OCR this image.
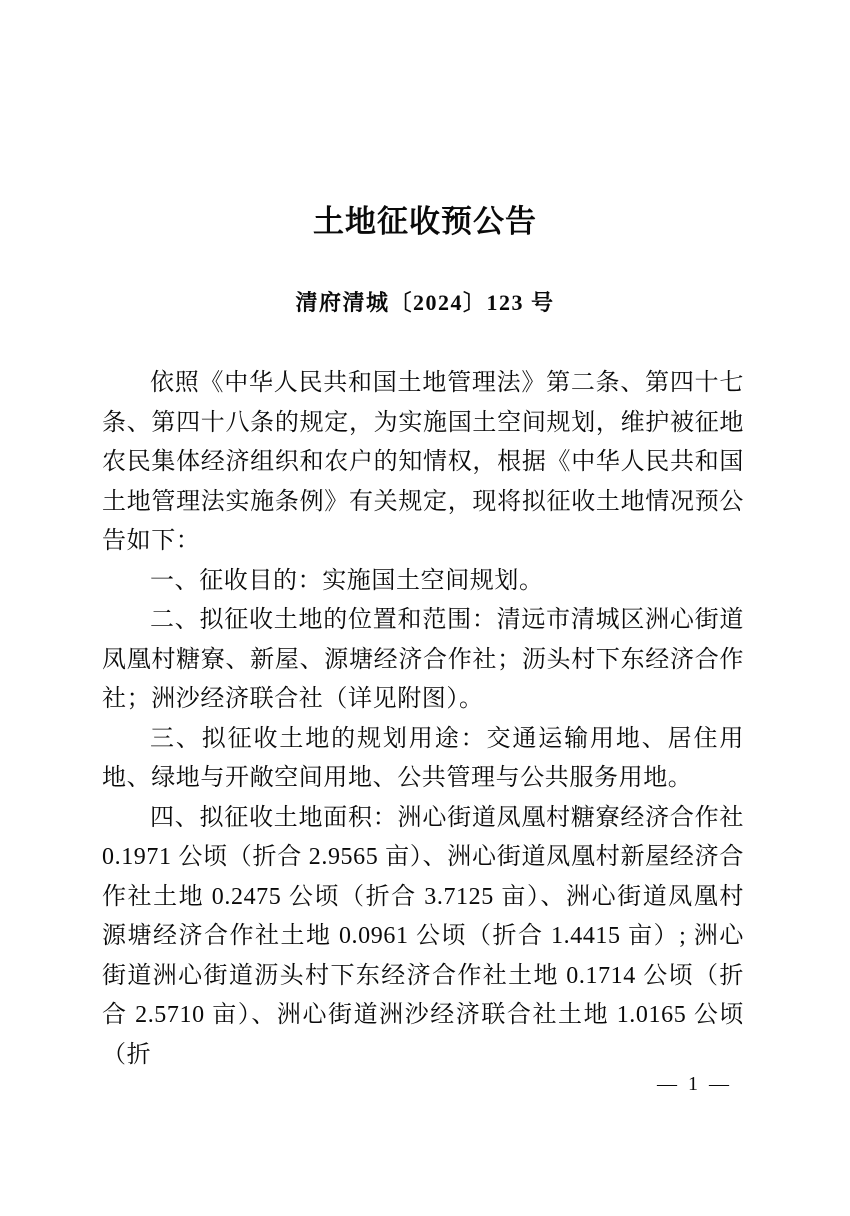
土地征收预公告
清府清城〔2024〕123 号

依照《中华人民共和国土地管理法》第二条、第四十七条、第四十八条的规定，为实施国土空间规划，维护被征地农民集体经济组织和农户的知情权，根据《中华人民共和国土地管理法实施条例》有关规定，现将拟征收土地情况预公告如下：

一、征收目的：实施国土空间规划。

二、拟征收土地的位置和范围：清远市清城区洲心街道凤凰村糖寮、新屋、源塘经济合作社；沥头村下东经济合作社；洲沙经济联合社（详见附图）。

三、拟征收土地的规划用途：交通运输用地、居住用地、绿地与开敞空间用地、公共管理与公共服务用地。

四、拟征收土地面积：洲心街道凤凰村糖寮经济合作社 0.1971 公顷（折合 2.9565 亩）、洲心街道凤凰村新屋经济合作社土地 0.2475 公顷（折合 3.7125 亩）、洲心街道凤凰村源塘经济合作社土地 0.0961 公顷（折合 1.4415 亩）; 洲心街道洲心街道沥头村下东经济合作社土地 0.1714 公顷（折合 2.5710 亩）、洲心街道洲沙经济联合社土地 1.0165 公顷（折

— 1 —
